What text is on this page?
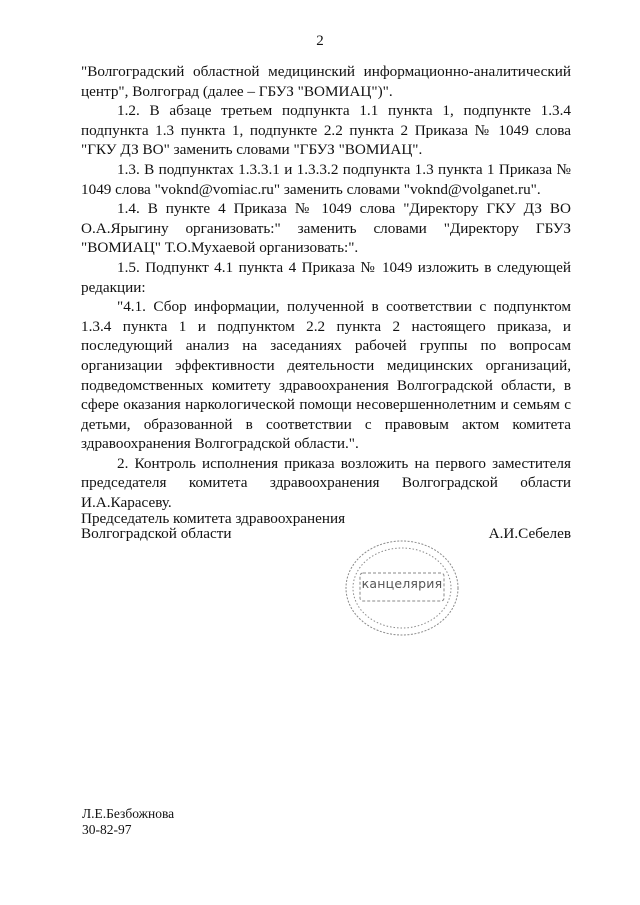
2

"Волгоградский областной медицинский информационно-аналитический центр", Волгоград (далее – ГБУЗ "ВОМИАЦ")".

1.2. В абзаце третьем подпункта 1.1 пункта 1, подпункте 1.3.4 подпункта 1.3 пункта 1, подпункте 2.2 пункта 2 Приказа № 1049 слова "ГКУ ДЗ ВО" заменить словами "ГБУЗ "ВОМИАЦ".

1.3. В подпунктах 1.3.3.1 и 1.3.3.2 подпункта 1.3 пункта 1 Приказа № 1049 слова "voknd@vomiac.ru" заменить словами "voknd@volganet.ru".

1.4. В пункте 4 Приказа № 1049 слова "Директору ГКУ ДЗ ВО О.А.Ярыгину организовать:" заменить словами "Директору ГБУЗ "ВОМИАЦ" Т.О.Мухаевой организовать:".

1.5. Подпункт 4.1 пункта 4 Приказа № 1049 изложить в следующей редакции:

"4.1. Сбор информации, полученной в соответствии с подпунктом 1.3.4 пункта 1 и подпунктом 2.2 пункта 2 настоящего приказа, и последующий анализ на заседаниях рабочей группы по вопросам организации эффективности деятельности медицинских организаций, подведомственных комитету здравоохранения Волгоградской области, в сфере оказания наркологической помощи несовершеннолетним и семьям с детьми, образованной в соответствии с правовым актом комитета здравоохранения Волгоградской области.".

2. Контроль исполнения приказа возложить на первого заместителя председателя комитета здравоохранения Волгоградской области И.А.Карасеву.

Председатель комитета здравоохранения
Волгоградской области	А.И.Себелев
канцелярия
Л.Е.Безбожнова
30-82-97
